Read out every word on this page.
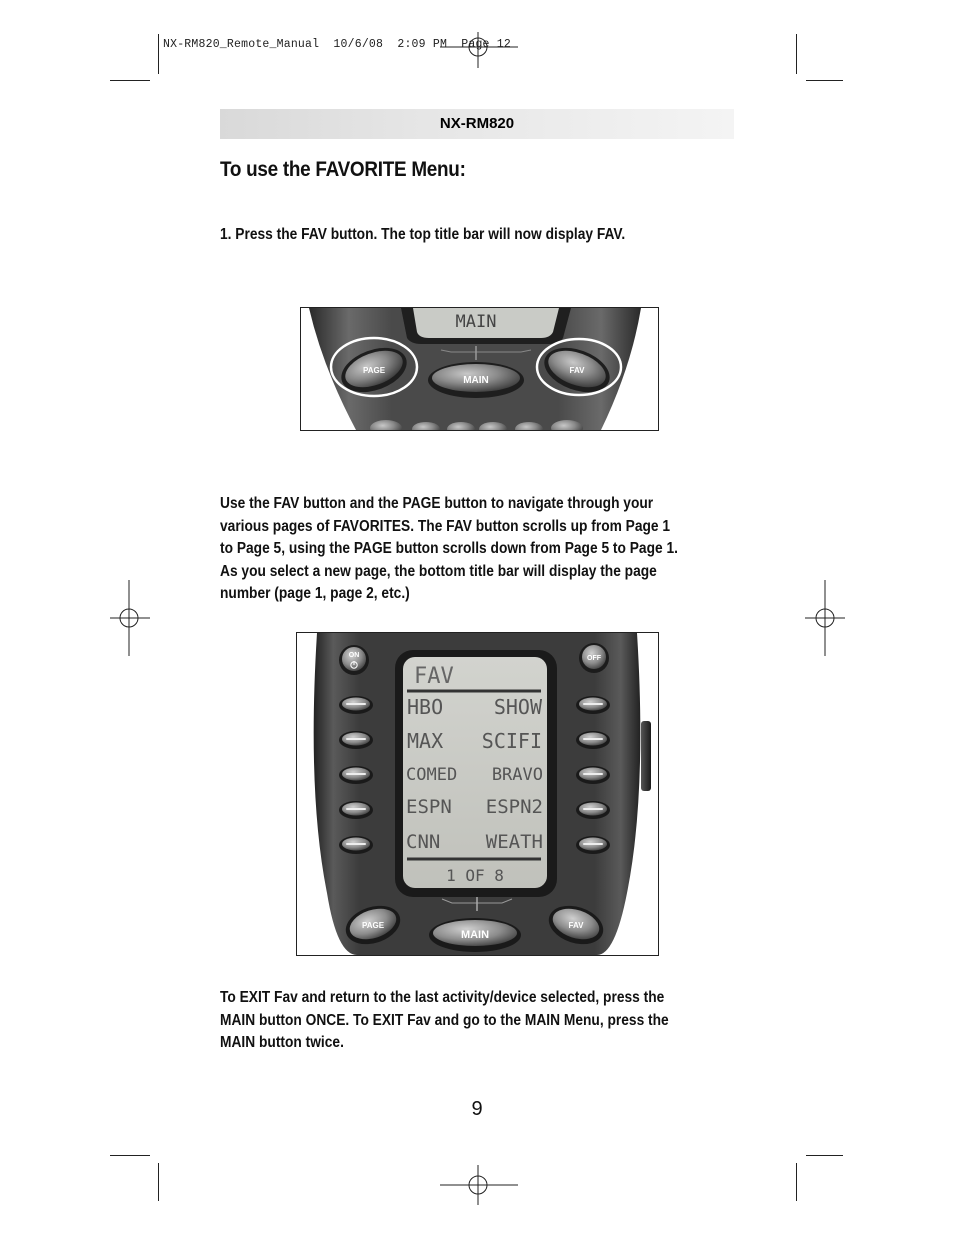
NX-RM820_Remote_Manual  10/6/08  2:09 PM  Page 12
NX-RM820
To use the FAVORITE Menu:
1. Press the FAV button. The top title bar will now display FAV.
MAIN
PAGE
MAIN
FAV
Use the FAV button and the PAGE button to navigate through your
various pages of FAVORITES. The FAV button scrolls up from Page 1
to Page 5, using the PAGE button scrolls down from Page 5 to Page 1.
As you select a new page, the bottom title bar will display the page
number (page 1, page 2, etc.)
ON	OFF
FAV
HBO	SHOW
MAX SCIFI
COMED BRAVO
ESPN ESPN2
CNN WEATH
1 OF 8
PAGE
MAIN
FAV
To EXIT Fav and return to the last activity/device selected, press the
MAIN button ONCE. To EXIT Fav and go to the MAIN Menu, press the
MAIN button twice.
9
